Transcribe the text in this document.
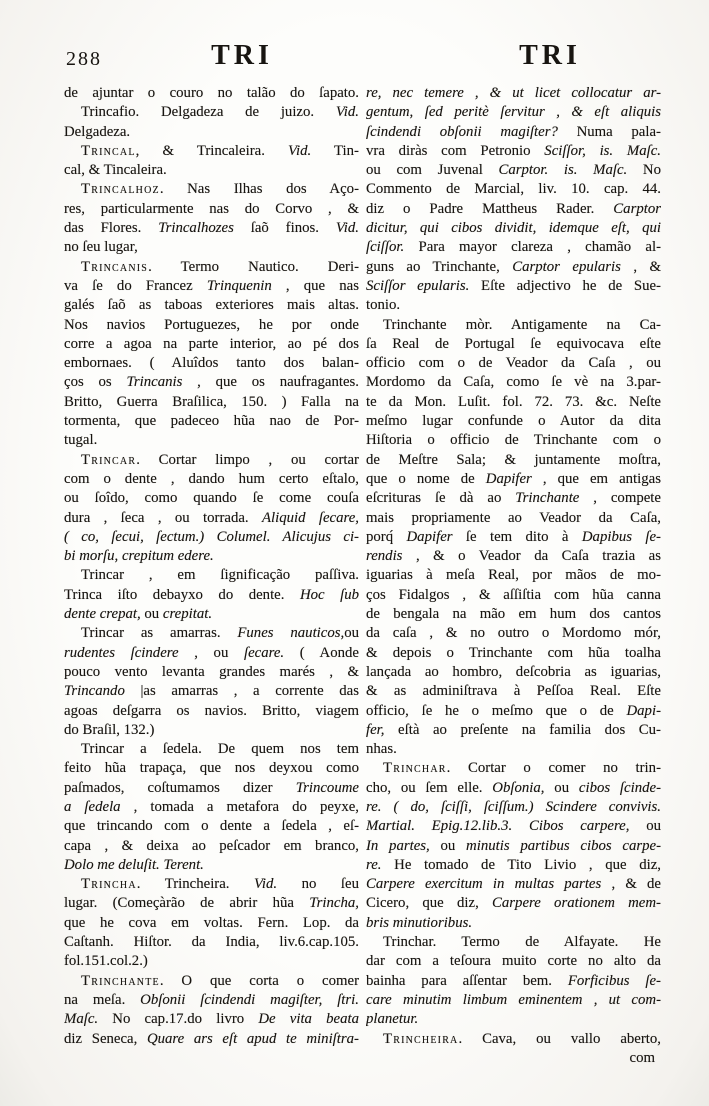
288	TRI	TRI
de ajuntar o couro no talão do ſapato.
Trincafio. Delgadeza de juizo. Vid.
Delgadeza.
Trincal, & Trincaleira. Vid. Tin-
cal, & Tincaleira.
Trincalhoz. Nas Ilhas dos Aço-
res, particularmente nas do Corvo , &
das Flores. Trincalhozes ſaõ finos. Vid.
no ſeu lugar,
Trincanis. Termo Nautico. Deri-
va ſe do Francez Trinquenin , que nas
galés ſaõ as taboas exteriores mais altas.
Nos navios Portuguezes, he por onde
corre a agoa na parte interior, ao pé dos
embornaes. ( Aluîdos tanto dos balan-
ços os Trincanis , que os naufragantes.
Britto, Guerra Braſilica, 150. ) Falla na
tormenta, que padeceo hũa nao de Por-
tugal.
Trincar. Cortar limpo , ou cortar
com o dente , dando hum certo eſtalo,
ou ſoîdo, como quando ſe come couſa
dura , ſeca , ou torrada. Aliquid ſecare,
( co, ſecui, ſectum.) Columel. Alicujus ci-
bi morſu, crepitum edere.
Trincar , em ſignificação paſſiva.
Trinca iſto debayxo do dente. Hoc ſub
dente crepat, ou crepitat.
Trincar as amarras. Funes nauticos,ou
rudentes ſcindere , ou ſecare. ( Aonde
pouco vento levanta grandes marés , &
Trincando |as amarras , a corrente das
agoas deſgarra os navios. Britto, viagem
do Braſil, 132.)
Trincar a ſedela. De quem nos tem
feito hũa trapaça, que nos deyxou como
paſmados, coſtumamos dizer Trincoume
a ſedela , tomada a metafora do peyxe,
que trincando com o dente a ſedela , eſ-
capa , & deixa ao peſcador em branco,
Dolo me deluſit. Terent.
Trincha. Trincheira. Vid. no ſeu
lugar. (Começàrão de abrir hũa Trincha,
que he cova em voltas. Fern. Lop. da
Caſtanh. Hiſtor. da India, liv.6.cap.105.
fol.151.col.2.)
Trinchante. O que corta o comer
na meſa. Obſonii ſcindendi magiſter, ſtri.
Maſc. No cap.17.do livro De vita beata
diz Seneca, Quare ars eſt apud te miniſtra-
re, nec temere , & ut licet collocatur ar-
gentum, ſed peritè ſervitur , & eſt aliquis
ſcindendi obſonii magiſter? Numa pala-
vra diràs com Petronio Sciſſor, is. Maſc.
ou com Juvenal Carptor. is. Maſc. No
Commento de Marcial, liv. 10. cap. 44.
diz o Padre Mattheus Rader. Carptor
dicitur, qui cibos dividit, idemque eſt, qui
ſciſſor. Para mayor clareza , chamão al-
guns ao Trinchante, Carptor epularis , &
Sciſſor epularis. Eſte adjectivo he de Sue-
tonio.
Trinchante mòr. Antigamente na Ca-
ſa Real de Portugal ſe equivocava eſte
officio com o de Veador da Caſa , ou
Mordomo da Caſa, como ſe vè na 3.par-
te da Mon. Luſit. fol. 72. 73. &c. Neſte
meſmo lugar confunde o Autor da dita
Hiſtoria o officio de Trinchante com o
de Meſtre Sala; & juntamente moſtra,
que o nome de Dapifer , que em antigas
eſcrituras ſe dà ao Trinchante , compete
mais propriamente ao Veador da Caſa,
porq́ Dapifer ſe tem dito à Dapibus ſe-
rendis , & o Veador da Caſa trazia as
iguarias à meſa Real, por mãos de mo-
ços Fidalgos , & aſſiſtia com hũa canna
de bengala na mão em hum dos cantos
da caſa , & no outro o Mordomo mór,
& depois o Trinchante com hũa toalha
lançada ao hombro, deſcobria as iguarias,
& as adminiſtrava à Peſſoa Real. Eſte
officio, ſe he o meſmo que o de Dapi-
fer, eſtà ao preſente na familia dos Cu-
nhas.
Trinchar. Cortar o comer no trin-
cho, ou ſem elle. Obſonia, ou cibos ſcinde-
re. ( do, ſciſſi, ſciſſum.) Scindere convivis.
Martial. Epig.12.lib.3. Cibos carpere, ou
In partes, ou minutis partibus cibos carpe-
re. He tomado de Tito Livio , que diz,
Carpere exercitum in multas partes , & de
Cicero, que diz, Carpere orationem mem-
bris minutioribus.
Trinchar. Termo de Alfayate. He
dar com a teſoura muito corte no alto da
bainha para aſſentar bem. Forficibus ſe-
care minutim limbum eminentem , ut com-
planetur.
Trincheira. Cava, ou vallo aberto,
com
